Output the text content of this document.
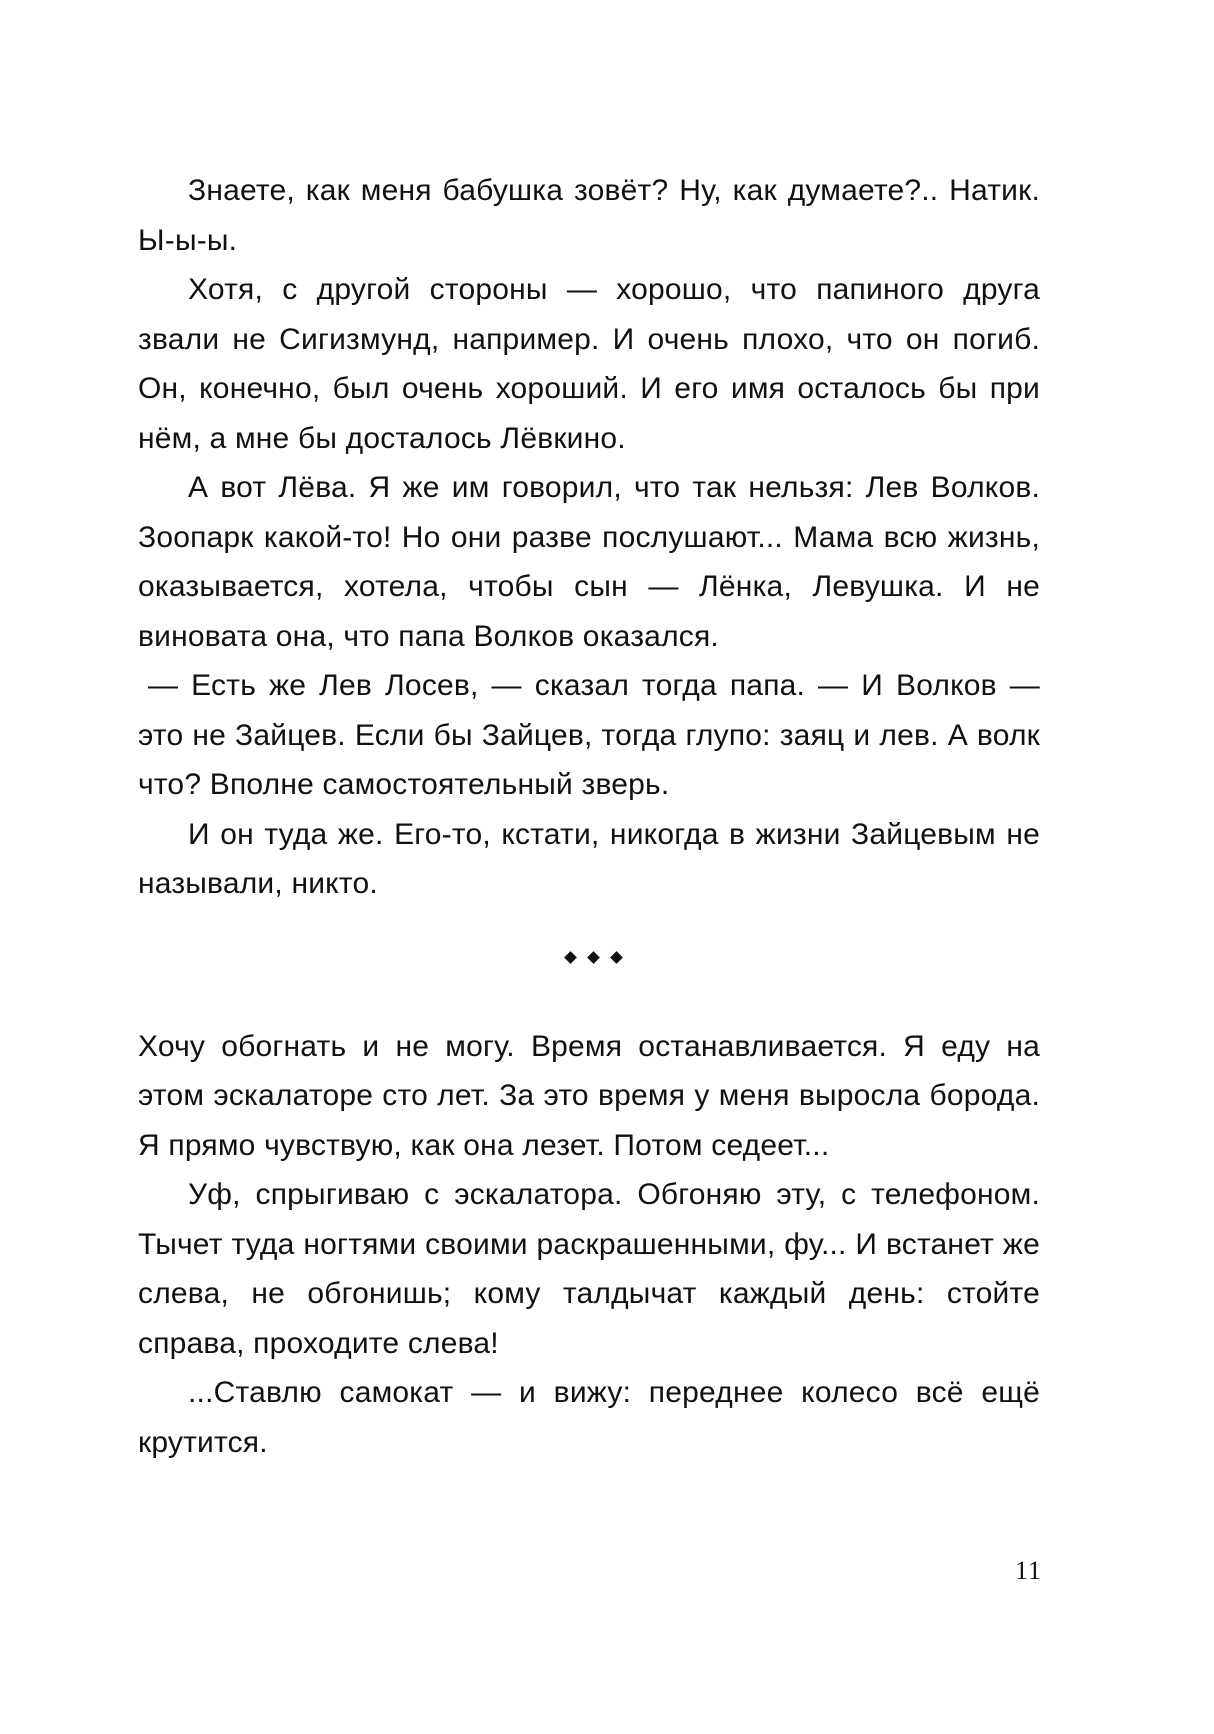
Знаете, как меня бабушка зовёт? Ну, как думаете?.. Натик. Ы-ы-ы.

Хотя, с другой стороны — хорошо, что папиного друга звали не Сигизмунд, например. И очень плохо, что он погиб. Он, конечно, был очень хороший. И его имя осталось бы при нём, а мне бы досталось Лёвкино.

А вот Лёва. Я же им говорил, что так нельзя: Лев Волков. Зоопарк какой-то! Но они разве послушают... Мама всю жизнь, оказывается, хотела, чтобы сын — Лёнка, Левушка. И не виновата она, что папа Волков оказался.

— Есть же Лев Лосев, — сказал тогда папа. — И Волков — это не Зайцев. Если бы Зайцев, тогда глупо: заяц и лев. А волк что? Вполне самостоятельный зверь.

И он туда же. Его-то, кстати, никогда в жизни Зайцевым не называли, никто.

Хочу обогнать и не могу. Время останавливается. Я еду на этом эскалаторе сто лет. За это время у меня выросла борода. Я прямо чувствую, как она лезет. Потом седеет...

Уф, спрыгиваю с эскалатора. Обгоняю эту, с телефоном. Тычет туда ногтями своими раскрашенными, фу... И встанет же слева, не обгонишь; кому талдычат каждый день: стойте справа, проходите слева!

...Ставлю самокат — и вижу: переднее колесо всё ещё крутится.

11
